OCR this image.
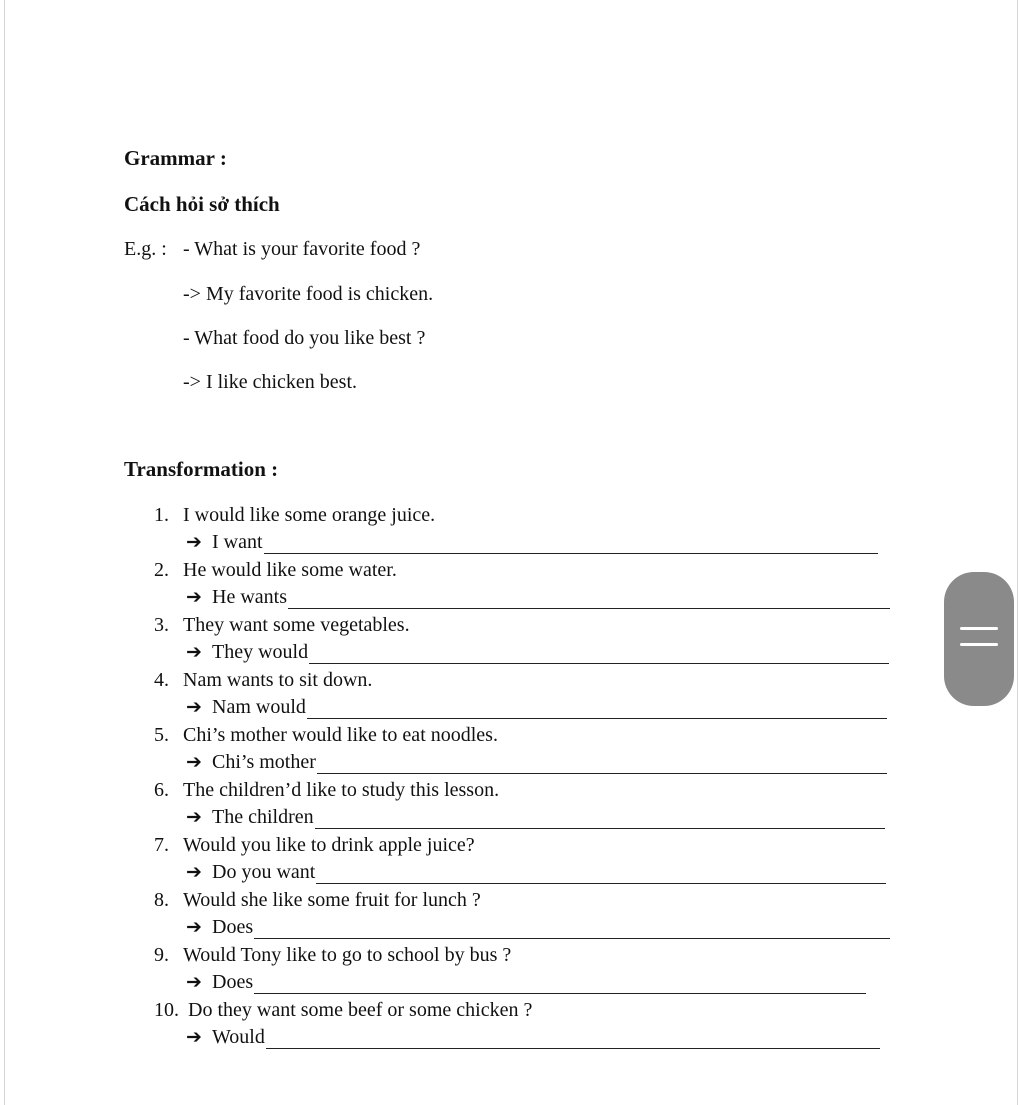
Grammar :
Cách hỏi sở thích
E.g. : - What is your favorite food ?
-> My favorite food is chicken.
- What food do you like best ?
-> I like chicken best.
Transformation :
1. I would like some orange juice.
➔ I want
2. He would like some water.
➔ He wants
3. They want some vegetables.
➔ They would
4. Nam wants to sit down.
➔ Nam would
5. Chi’s mother would like to eat noodles.
➔ Chi’s mother
6. The children’d like to study this lesson.
➔ The children
7. Would you like to drink apple juice?
➔ Do you want
8. Would she like some fruit for lunch ?
➔ Does
9. Would Tony like to go to school by bus ?
➔ Does
10. Do they want some beef or some chicken ?
➔ Would
